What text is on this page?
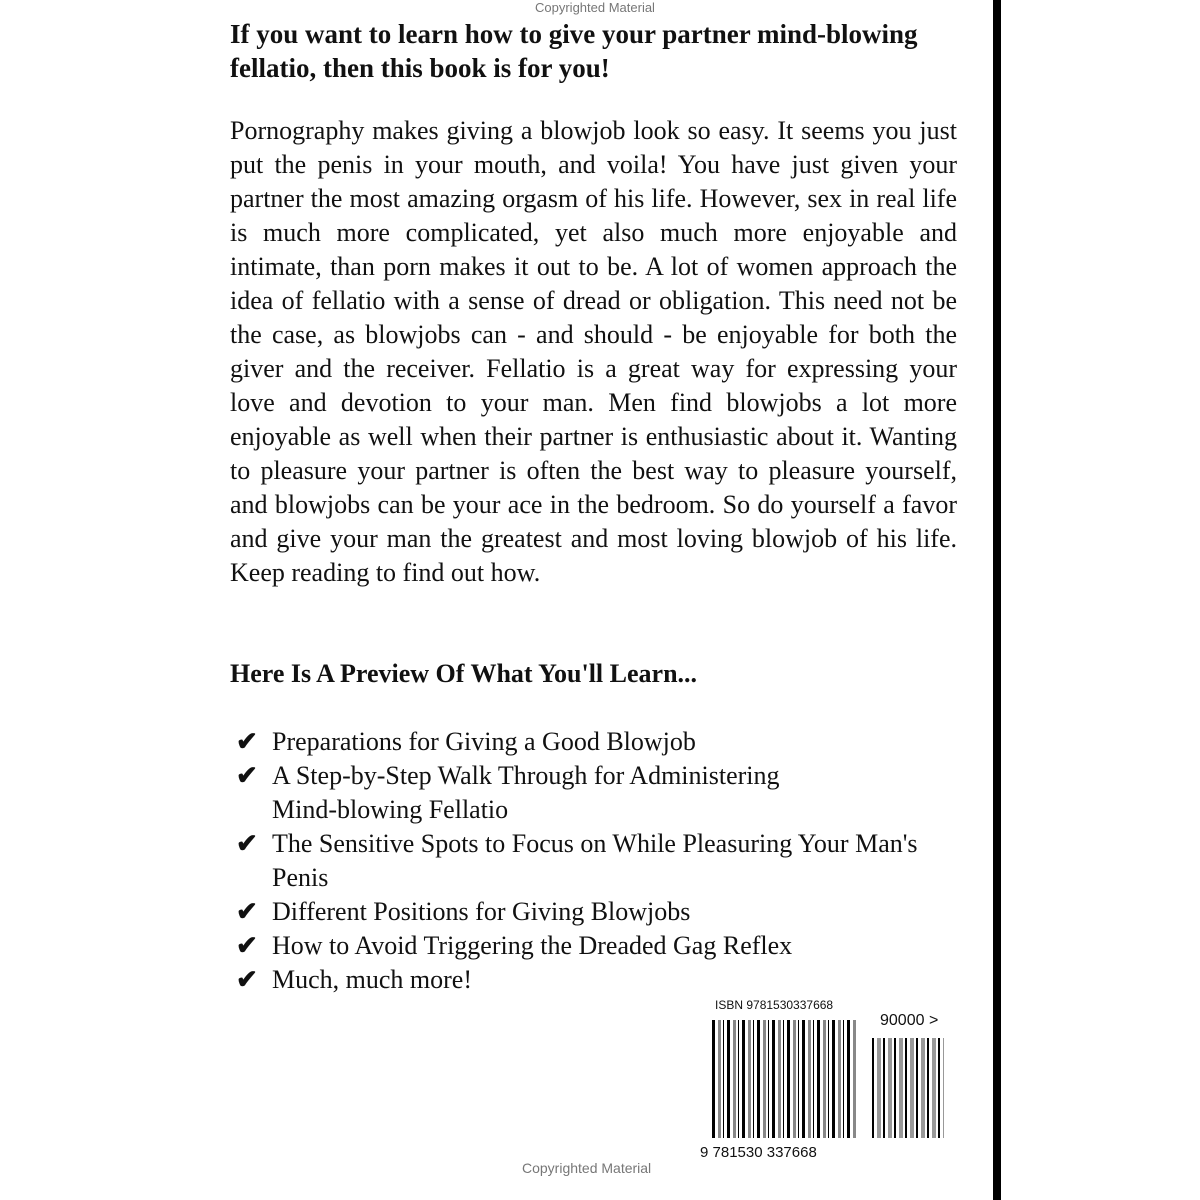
Copyrighted Material
If you want to learn how to give your partner mind-blowing fellatio, then this book is for you!
Pornography makes giving a blowjob look so easy. It seems you just put the penis in your mouth, and voila! You have just given your partner the most amazing orgasm of his life. However, sex in real life is much more complicated, yet also much more enjoyable and intimate, than porn makes it out to be. A lot of women approach the idea of fellatio with a sense of dread or obligation. This need not be the case, as blowjobs can - and should - be enjoyable for both the giver and the receiver. Fellatio is a great way for expressing your love and devotion to your man. Men find blowjobs a lot more enjoyable as well when their partner is enthusiastic about it. Wanting to pleasure your partner is often the best way to pleasure yourself, and blowjobs can be your ace in the bedroom. So do yourself a favor and give your man the greatest and most loving blowjob of his life. Keep reading to find out how.
Here Is A Preview Of What You'll Learn...
✔ Preparations for Giving a Good Blowjob
✔ A Step-by-Step Walk Through for Administering Mind-blowing Fellatio
✔ The Sensitive Spots to Focus on While Pleasuring Your Man's Penis
✔ Different Positions for Giving Blowjobs
✔ How to Avoid Triggering the Dreaded Gag Reflex
✔ Much, much more!
ISBN 9781530337668
9 781530 337668
90000 >
Copyrighted Material
